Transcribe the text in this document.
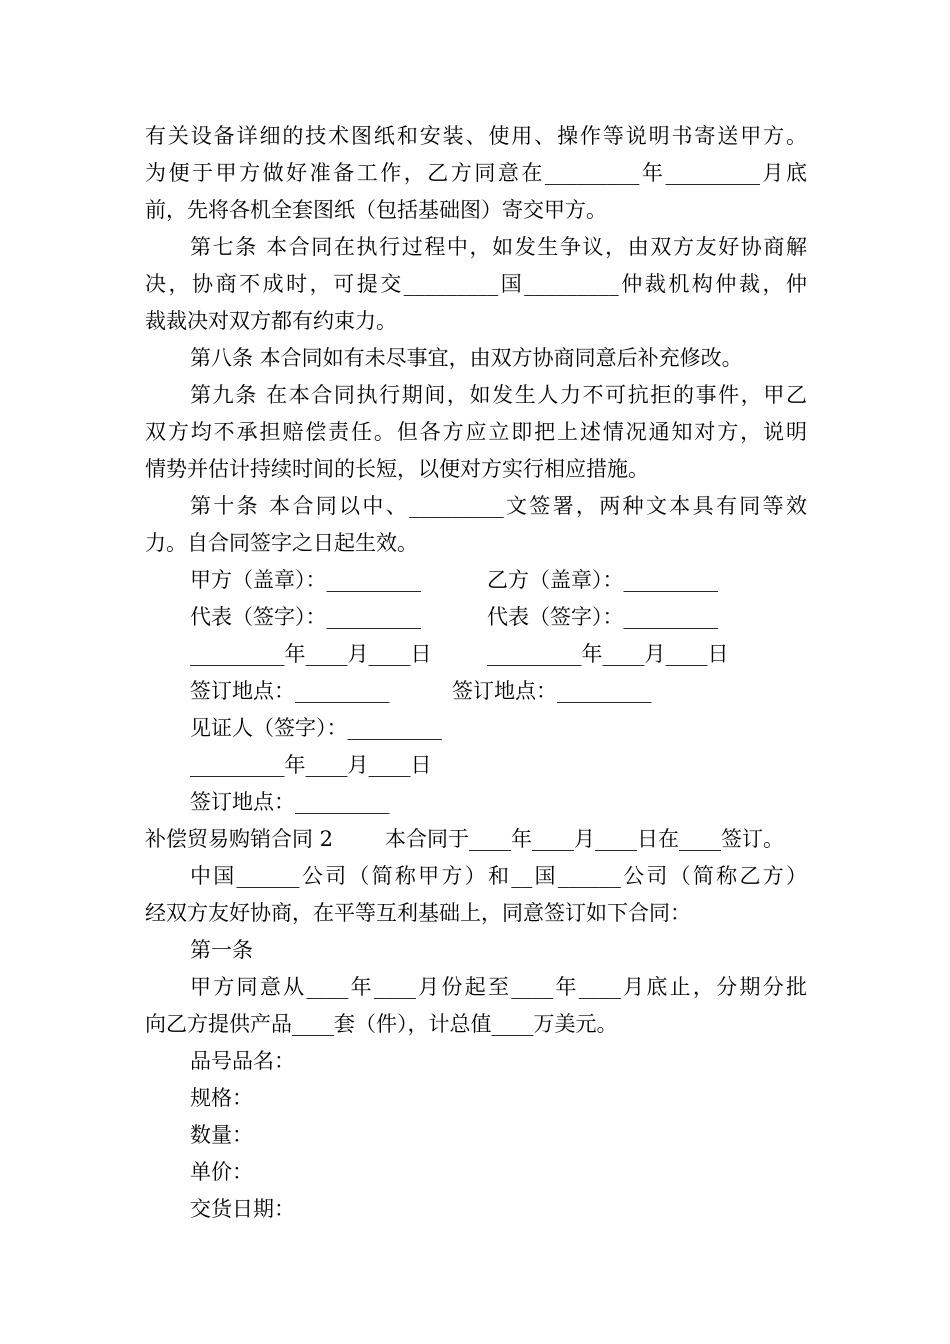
有关设备详细的技术图纸和安装、使用、操作等说明书寄送甲方。
为便于甲方做好准备工作，乙方同意在_________年_________月底
前，先将各机全套图纸（包括基础图）寄交甲方。
第七条 本合同在执行过程中，如发生争议，由双方友好协商解
决，协商不成时，可提交_________国_________仲裁机构仲裁，仲
裁裁决对双方都有约束力。
第八条 本合同如有未尽事宜，由双方协商同意后补充修改。
第九条 在本合同执行期间，如发生人力不可抗拒的事件，甲乙
双方均不承担赔偿责任。但各方应立即把上述情况通知对方，说明
情势并估计持续时间的长短，以便对方实行相应措施。
第十条 本合同以中、_________文签署，两种文本具有同等效
力。自合同签字之日起生效。
甲方（盖章）：_________	乙方（盖章）：_________
代表（签字）：_________	代表（签字）：_________
_________年____月____日	_________年____月____日
签订地点：_________	签订地点：_________
见证人（签字）：_________
_________年____月____日
签订地点：_________
补偿贸易购销合同 2 本合同于____年____月____日在____签订。
中国______公司（简称甲方）和__国______公司（简称乙方）
经双方友好协商，在平等互利基础上，同意签订如下合同：
第一条
甲方同意从____年____月份起至____年____月底止，分期分批
向乙方提供产品____套（件），计总值____万美元。
品号品名：
规格：
数量：
单价：
交货日期：
